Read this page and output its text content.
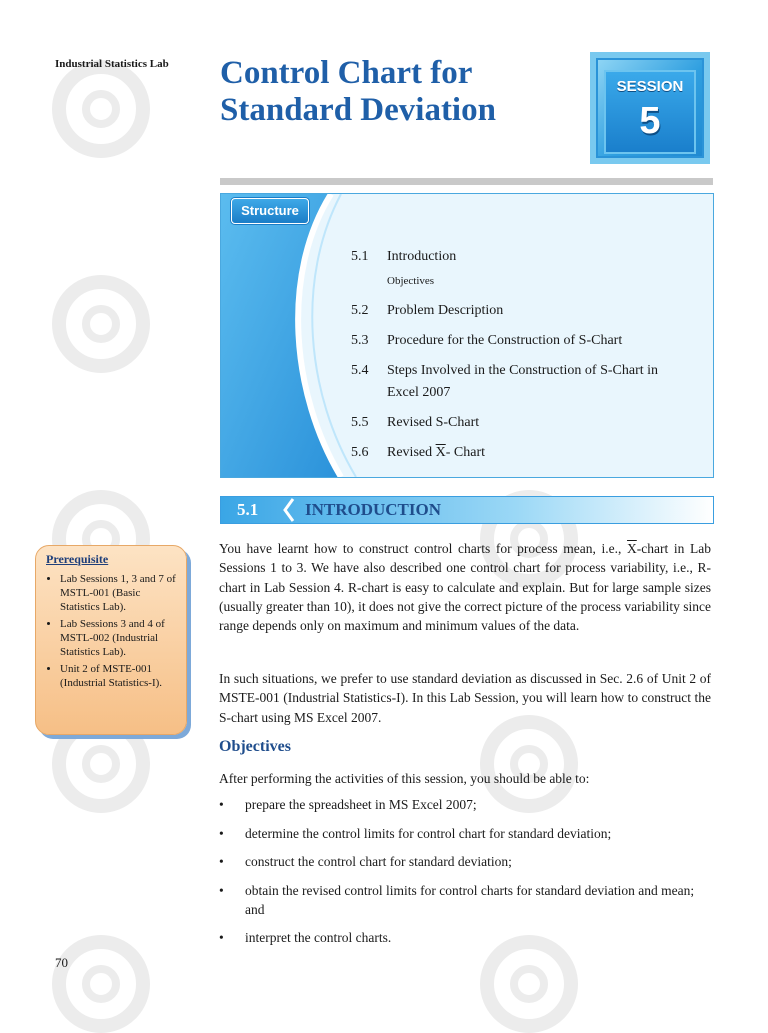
Industrial Statistics Lab Control Chart for
Standard Deviation
SESSION
5
Structure
5.1 Introduction
Objectives
5.2 Problem Description
5.3 Procedure for the Construction of S-Chart
5.4 Steps Involved in the Construction of S-Chart in Excel 2007
5.5 Revised S-Chart
5.6 Revised $\overline{X}-$ Chart
5.1	INTRODUCTION
Prerequisite
• Lab Sessions 1, 3 and 7 of MSTL-001 (Basic Statistics Lab).
• Lab Sessions 3 and 4 of MSTL-002 (Industrial Statistics Lab).
• Unit 2 of MSTE-001 (Industrial Statistics-I).
You have learnt how to construct control charts for process mean, i.e., $\overline{X}$-chart in Lab Sessions 1 to 3. We have also described one control chart for process variability, i.e., R-chart in Lab Session 4. R-chart is easy to calculate and explain. But for large sample sizes (usually greater than 10), it does not give the correct picture of the process variability since range depends only on maximum and minimum values of the data.
In such situations, we prefer to use standard deviation as discussed in Sec. 2.6 of Unit 2 of MSTE-001 (Industrial Statistics-I). In this Lab Session, you will learn how to construct the S-chart using MS Excel 2007.
Objectives
After performing the activities of this session, you should be able to:
• prepare the spreadsheet in MS Excel 2007;
• determine the control limits for control chart for standard deviation;
• construct the control chart for standard deviation;
• obtain the revised control limits for control charts for standard deviation and mean; and
• interpret the control charts.
70
